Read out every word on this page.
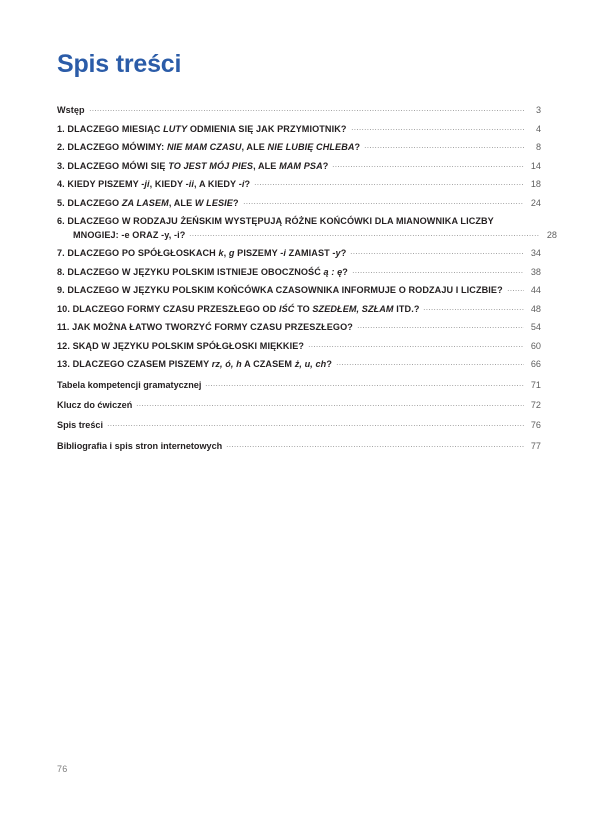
Spis treści
Wstęp	3
1. DLACZEGO MIESIĄC LUTY ODMIENIA SIĘ JAK PRZYMIOTNIK?	4
2. DLACZEGO MÓWIMY: NIE MAM CZASU, ALE NIE LUBIĘ CHLEBA?	8
3. DLACZEGO MÓWI SIĘ TO JEST MÓJ PIES, ALE MAM PSA?	14
4. KIEDY PISZEMY -ji, KIEDY -ii, A KIEDY -i?	18
5. DLACZEGO ZA LASEM, ALE W LESIE?	24
6. DLACZEGO W RODZAJU ŻEŃSKIM WYSTĘPUJĄ RÓŻNE KOŃCÓWKI DLA MIANOWNIKA LICZBY
MNOGIEJ: -e ORAZ -y, -i?	28
7. DLACZEGO PO SPÓŁGŁOSKACH k, g PISZEMY -i ZAMIAST -y?	34
8. DLACZEGO W JĘZYKU POLSKIM ISTNIEJE OBOCZNOŚĆ ą : ę?	38
9. DLACZEGO W JĘZYKU POLSKIM KOŃCÓWKA CZASOWNIKA INFORMUJE O RODZAJU I LICZBIE?	44
10. DLACZEGO FORMY CZASU PRZESZŁEGO OD IŚĆ TO SZEDŁEM, SZŁAM ITD.?	48
11. JAK MOŻNA ŁATWO TWORZYĆ FORMY CZASU PRZESZŁEGO?	54
12. SKĄD W JĘZYKU POLSKIM SPÓŁGŁOSKI MIĘKKIE?	60
13. DLACZEGO CZASEM PISZEMY rz, ó, h A CZASEM ż, u, ch?	66
Tabela kompetencji gramatycznej	71
Klucz do ćwiczeń	72
Spis treści	76
Bibliografia i spis stron internetowych	77
76
